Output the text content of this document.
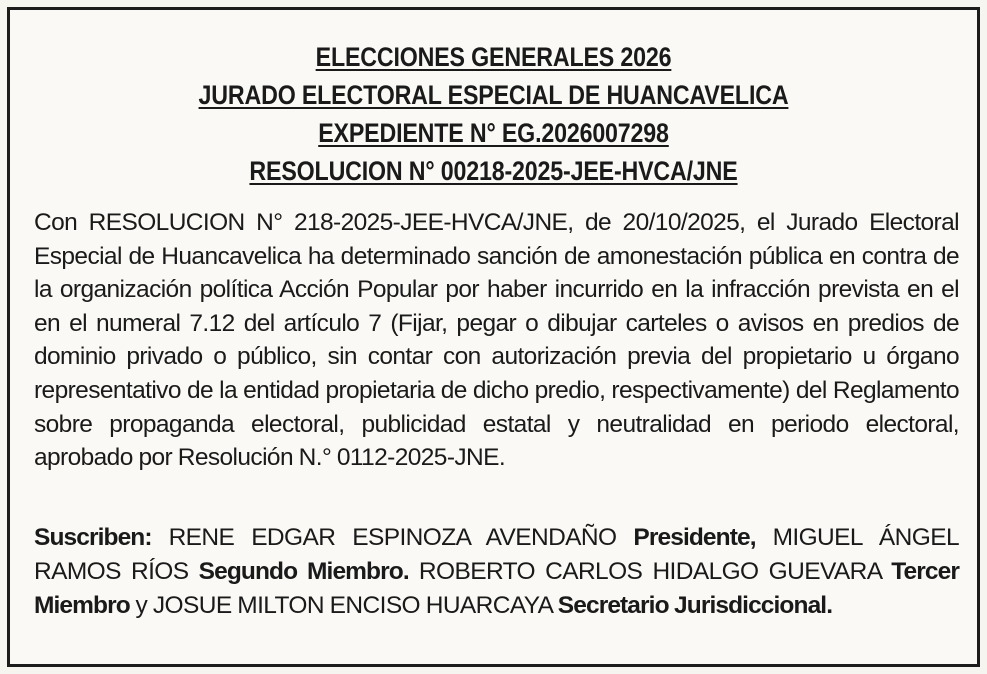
ELECCIONES GENERALES 2026
JURADO ELECTORAL ESPECIAL DE HUANCAVELICA
EXPEDIENTE N° EG.2026007298
RESOLUCION N° 00218-2025-JEE-HVCA/JNE

Con RESOLUCION N° 218-2025-JEE-HVCA/JNE, de 20/10/2025, el Jurado Electoral Especial de Huancavelica ha determinado sanción de amonestación pública en contra de la organización política Acción Popular por haber incurrido en la infracción prevista en el en el numeral 7.12 del artículo 7 (Fijar, pegar o dibujar carteles o avisos en predios de dominio privado o público, sin contar con autorización previa del propietario u órgano representativo de la entidad propietaria de dicho predio, respectivamente) del Reglamento sobre propaganda electoral, publicidad estatal y neutralidad en periodo electoral, aprobado por Resolución N.° 0112-2025-JNE.

Suscriben: RENE EDGAR ESPINOZA AVENDAÑO Presidente, MIGUEL ÁNGEL RAMOS RÍOS Segundo Miembro. ROBERTO CARLOS HIDALGO GUEVARA Tercer Miembro y JOSUE MILTON ENCISO HUARCAYA Secretario Jurisdiccional.
